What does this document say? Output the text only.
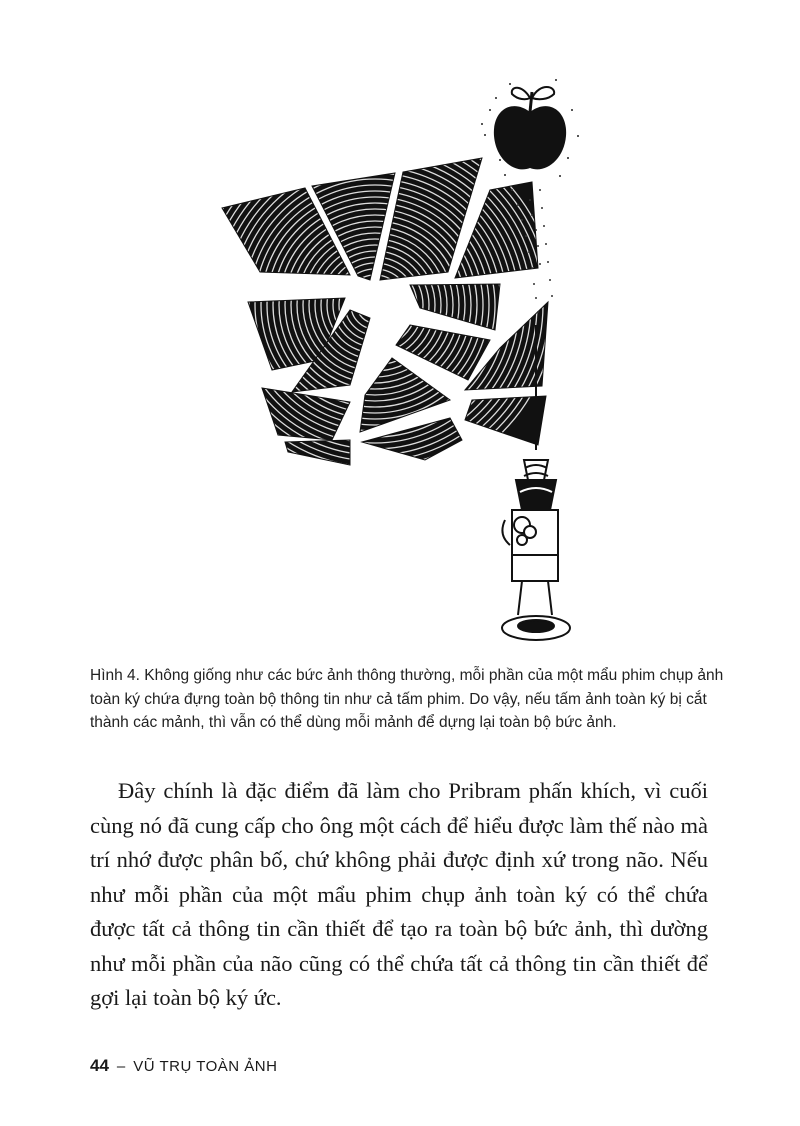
Hình 4. Không giống như các bức ảnh thông thường, mỗi phần của một mẩu phim chụp ảnh toàn ký chứa đựng toàn bộ thông tin như cả tấm phim. Do vậy, nếu tấm ảnh toàn ký bị cắt thành các mảnh, thì vẫn có thể dùng mỗi mảnh để dựng lại toàn bộ bức ảnh.

Đây chính là đặc điểm đã làm cho Pribram phấn khích, vì cuối cùng nó đã cung cấp cho ông một cách để hiểu được làm thế nào mà trí nhớ được phân bố, chứ không phải được định xứ trong não. Nếu như mỗi phần của một mẩu phim chụp ảnh toàn ký có thể chứa được tất cả thông tin cần thiết để tạo ra toàn bộ bức ảnh, thì dường như mỗi phần của não cũng có thể chứa tất cả thông tin cần thiết để gợi lại toàn bộ ký ức.

44 – VŨ TRỤ TOÀN ẢNH
